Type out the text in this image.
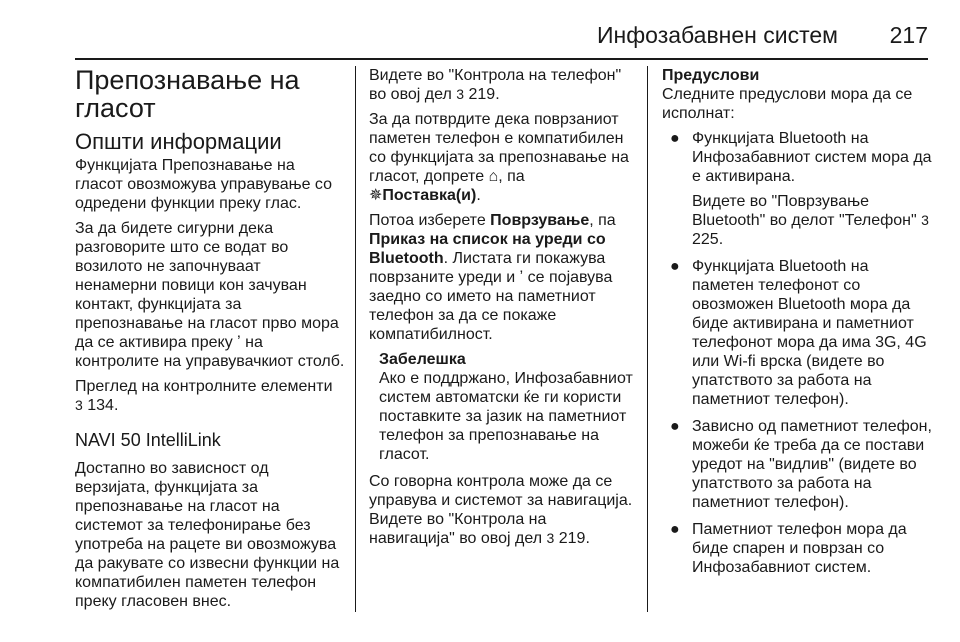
Инфозабавнен систем 217
Препознавање на гласот
Општи информации

Функцијата Препознавање на гласот овозможува управување со одредени функции преку глас.

За да бидете сигурни дека разговорите што се водат во возилото не започнуваат ненамерни повици кон зачуван контакт, функцијата за препознавање на гласот прво мора да се активира преку ʼ на контролите на управувачкиот столб.

Преглед на контролните елементи
3 134.

NAVI 50 IntelliLink

Достапно во зависност од верзијата, функцијата за препознавање на гласот на системот за телефонирање без употреба на рацете ви овозможува да ракувате со извесни функции на компатибилен паметен телефон преку гласовен внес.

Видете во "Контрола на телефон" во овој дел 3 219.

За да потврдите дека поврзаниот паметен телефон е компатибилен со функцијата за препознавање на гласот, допрете ⌂, па
✵Поставка(и).

Потоа изберете Поврзување, па Приказ на список на уреди со Bluetooth. Листата ги покажува поврзаните уреди и ʼ се појавува заедно со името на паметниот телефон за да се покаже компатибилност.

Забелешка

Ако е поддржано, Инфозабавниот систем автоматски ќе ги користи поставките за јазик на паметниот телефон за препознавање на гласот.

Со говорна контрола може да се управува и системот за навигација. Видете во "Контрола на навигација" во овој дел 3 219.

Предуслови

Следните предуслови мора да се исполнат:

● Функцијата Bluetooth на Инфозабавниот систем мора да е активирана.

Видете во "Поврзување Bluetooth" во делот "Телефон" 3 225.

● Функцијата Bluetooth на паметен телефонот со овозможен Bluetooth мора да биде активирана и паметниот телефонот мора да има 3G, 4G или Wi-fi врска (видете во упатството за работа на паметниот телефон).

● Зависно од паметниот телефон, можеби ќе треба да се постави уредот на "видлив" (видете во упатството за работа на паметниот телефон).

● Паметниот телефон мора да биде спарен и поврзан со Инфозабавниот систем.
